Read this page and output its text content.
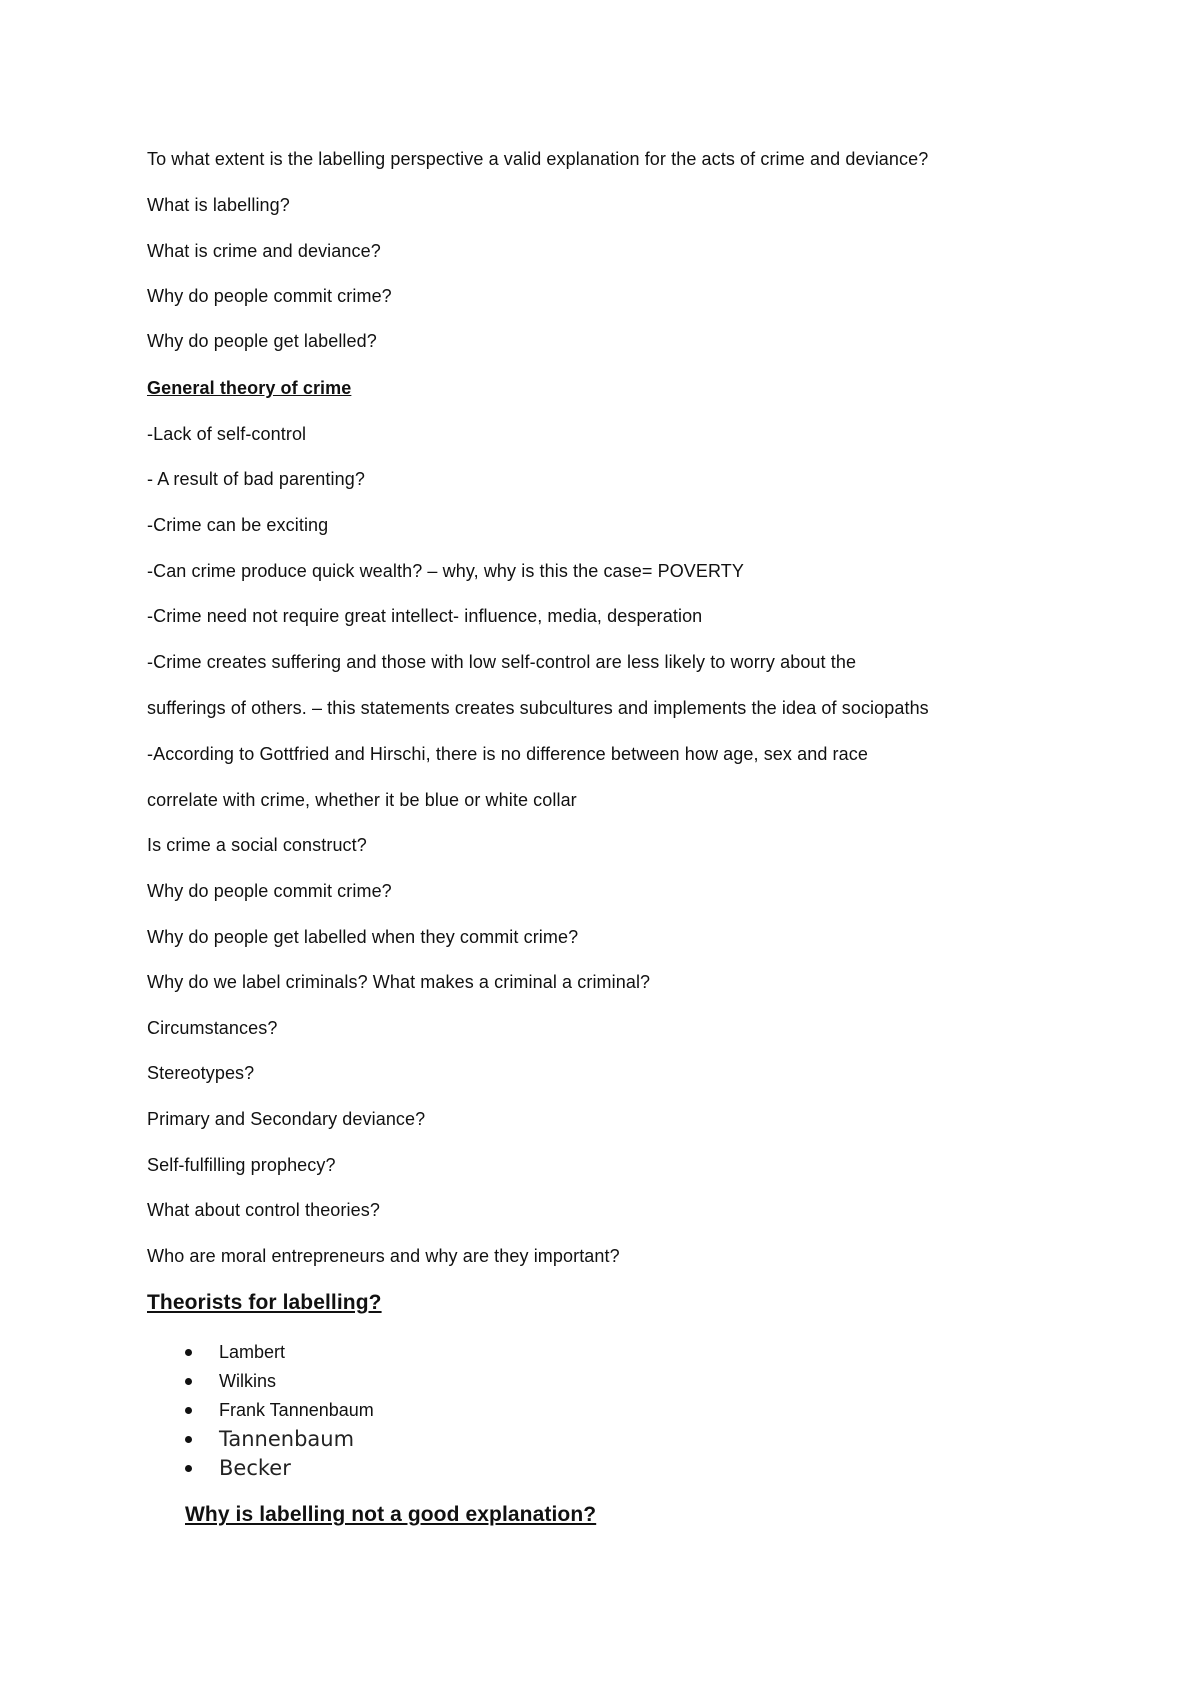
To what extent is the labelling perspective a valid explanation for the acts of crime and deviance?
What is labelling?
What is crime and deviance?
Why do people commit crime?
Why do people get labelled?
General theory of crime
-Lack of self-control
- A result of bad parenting?
-Crime can be exciting
-Can crime produce quick wealth? – why, why is this the case= POVERTY
-Crime need not require great intellect- influence, media, desperation
-Crime creates suffering and those with low self-control are less likely to worry about the
sufferings of others. – this statements creates subcultures and implements the idea of sociopaths
-According to Gottfried and Hirschi, there is no difference between how age, sex and race
correlate with crime, whether it be blue or white collar
Is crime a social construct?
Why do people commit crime?
Why do people get labelled when they commit crime?
Why do we label criminals? What makes a criminal a criminal?
Circumstances?
Stereotypes?
Primary and Secondary deviance?
Self-fulfilling prophecy?
What about control theories?
Who are moral entrepreneurs and why are they important?
Theorists for labelling?
Lambert
Wilkins
Frank Tannenbaum
Tannenbaum
Becker
Why is labelling not a good explanation?
